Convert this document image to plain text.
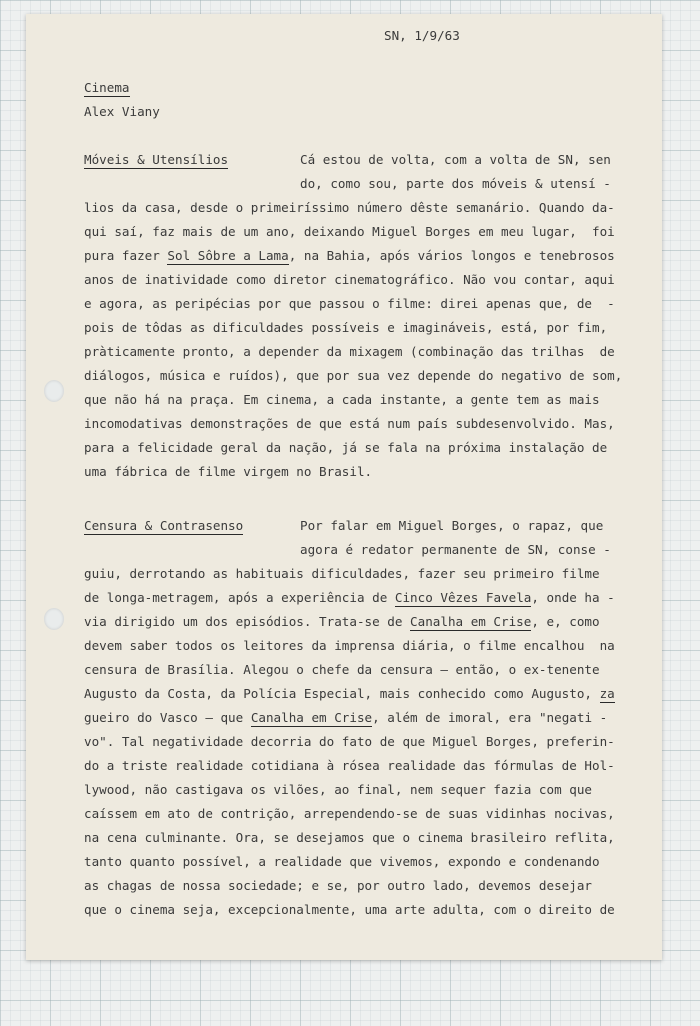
SN, 1/9/63
Cinema
Alex Viany
Móveis & Utensílios	Cá estou de volta, com a volta de SN, sen
do, como sou, parte dos móveis & utensí -
lios da casa, desde o primeiríssimo número dêste semanário. Quando da-
qui saí, faz mais de um ano, deixando Miguel Borges em meu lugar,  foi
pura fazer Sol Sôbre a Lama, na Bahia, após vários longos e tenebrosos
anos de inatividade como diretor cinematográfico. Não vou contar, aqui
e agora, as peripécias por que passou o filme: direi apenas que, de  -
pois de tôdas as dificuldades possíveis e imagináveis, está, por fim,
pràticamente pronto, a depender da mixagem (combinação das trilhas  de
diálogos, música e ruídos), que por sua vez depende do negativo de som,
que não há na praça. Em cinema, a cada instante, a gente tem as mais
incomodativas demonstrações de que está num país subdesenvolvido. Mas,
para a felicidade geral da nação, já se fala na próxima instalação de
uma fábrica de filme virgem no Brasil.
Censura & Contrasenso	Por falar em Miguel Borges, o rapaz, que
agora é redator permanente de SN, conse -
guiu, derrotando as habituais dificuldades, fazer seu primeiro filme
de longa-metragem, após a experiência de Cinco Vêzes Favela, onde ha -
via dirigido um dos episódios. Trata-se de Canalha em Crise, e, como
devem saber todos os leitores da imprensa diária, o filme encalhou  na
censura de Brasília. Alegou o chefe da censura — então, o ex-tenente
Augusto da Costa, da Polícia Especial, mais conhecido como Augusto, za
gueiro do Vasco — que Canalha em Crise, além de imoral, era "negati -
vo". Tal negatividade decorria do fato de que Miguel Borges, preferin-
do a triste realidade cotidiana à rósea realidade das fórmulas de Hol-
lywood, não castigava os vilões, ao final, nem sequer fazia com que
caíssem em ato de contrição, arrependendo-se de suas vidinhas nocivas,
na cena culminante. Ora, se desejamos que o cinema brasileiro reflita,
tanto quanto possível, a realidade que vivemos, expondo e condenando
as chagas de nossa sociedade; e se, por outro lado, devemos desejar
que o cinema seja, excepcionalmente, uma arte adulta, com o direito de
